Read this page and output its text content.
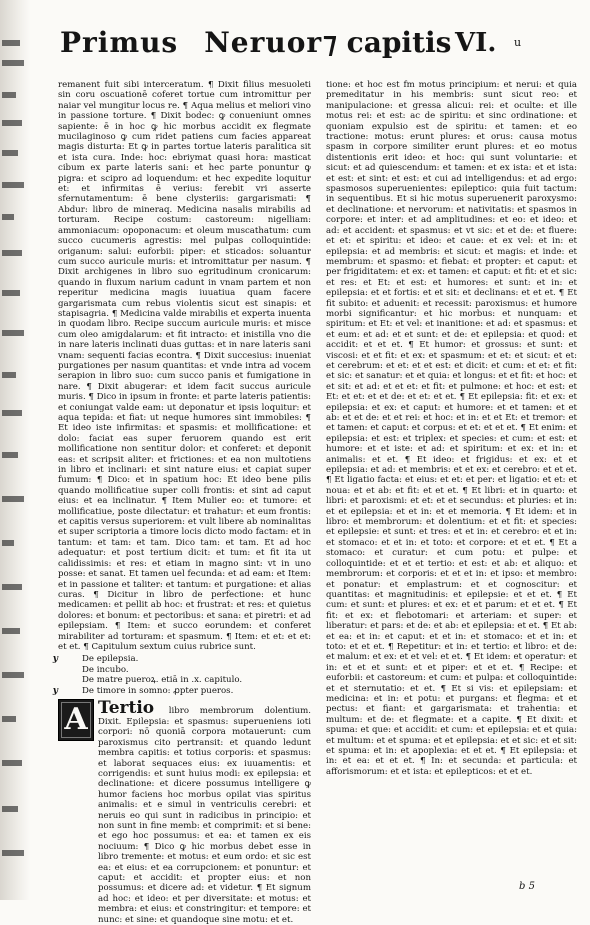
Primus Neruor ⁊ capitis VI. u

remanent fuit sibi interceratum. ¶ Dixit filius mesuoleti sin coru oscuationē coferet tortue cum intromittur per naiar vel mungitur locus re. ¶ Aqua melius et meliori vino in passione torture. ¶ Dixit bodec: ꝙ conueniunt omnes sapiente: ē in hoc ꝙ hic morbus accidit ex flegmate mucilaginoso ꝙ cum ridet patiens cum facies appareat magis disturta: Et ꝙ in partes tortue lateris paralitica sit et ista cura. Inde: hoc: ebriymat quasi hora: masticat cibum ex parte lateris sani: et hec parte ponuntur ꝙ pigra: et scipro ad loquendum: et hec expedite loquitur et: et infirmitas ē verius: ferebit vri asserte sfernutamentum: ē bene clysteriis: gargarismati: ¶ Abdur: libro de mineraq. Medicina nasalis mirabilis ad torturam. Recipe costum: castoreum: nigelliam: ammoniacum: opoponacum: et oleum muscathatum: cum succo cucumeris agrestis: mel pulpas colloquintide: origanum: salui: euforbii: piper: et sticados: soluantur cum succo auricule muris: et intromittatur per nasum. ¶ Dixit archigenes in libro suo egritudinum cronicarum: quando in fluxum narium cadunt in vnam partem et non reperitur medicina magis iuuatiua quam facere gargarismata cum rebus violentis sicut est sinapis: et stapisagria. ¶ Medicina valde mirabilis et experta inuenta in quodam libro. Recipe succum auricule muris: et misce cum oleo amigdalarum: et fit intracto: et inistilla vno die in nare lateris inclinati duas guttas: et in nare lateris sani vnam: sequenti facias econtra. ¶ Dixit succesius: inueniat purgationes per nasum quantitas: et vnde intra ad vocem serapion in libro suo: cum succo panis et fumigatione in nare. ¶ Dixit abugerar: et idem facit succus auricule muris. ¶ Dico in ipsum in fronte: et parte lateris patientis: et coniungat valde eam: ut deponatur et ipsis loquitur: et aqua tepida: et fiat: ut neque humores sint immobiles: ¶ Et ideo iste infirmitas: et spasmis: et mollificatione: et dolo: faciat eas super feruorem quando est erit mollificatione non sentitur dolor: et conferet: et deponit eas: et scripsit aliter: et frictiones: et ea non multotiens in libro et inclinari: et sint nature eius: et capiat super fumum: ¶ Dico: et in spatium hoc: Et ideo bene pilis quando mollificatiue super colli frontis: et sint ad caput eius: et ea inclinatur. ¶ Item Mulier eo: et tumore: et mollificatiue, poste dilectatur: et trahatur: et eum frontis: et capitis versus superiorem: et vult libere ab nominalitas et super scriptoria a timore locis dicto modo factam: et in tantum: et tam: et tam. Dico tam: et tam. Et ad hoc adequatur: et post tertium dicit: et tum: et fit ita ut calidissimis: et res: et etiam in magno sint: vt in uno posse: et sanat. Et tamen uel fecunda: et ad eam: et Item: et in passione et taliter: et tantum: et purgatione: et alias curas. ¶ Dicitur in libro de perfectione: et hunc medicamen: et pellit ab hoc: et frustrat: et res: et quietus dolores: et bonum: et pectoribus: et sana: et piretri: et ad epilepsiam. ¶ Item: et succo eorundem: et conferet mirabiliter ad torturam: et spasmum. ¶ Item: et et: et et: et et. ¶ Capitulum sextum cuius rubrice sunt.

y	De epilepsia.
De incubo.
De matre pueroꝝ. etiā in .x. capitulo.
y	De timore in somno: ꝓpter pueros.
A Tertio libro membrorum dolentium. Dixit. Epilepsia: et spasmus: superueniens ioti corpori: nō quoniā corpora motauerunt: cum paroxismus cito pertransit: et quando ledunt membra capitis: et totius corporis: et spasmus: et laborat sequaces eius: ex iuuamentis: et corrigendis: et sunt huius modi: ex epilepsia: et declinatione: et dicere possumus intelligere ꝙ humor faciens hoc morbus opilat vias spiritus animalis: et e simul in ventriculis cerebri: et neruis eo qui sunt in radicibus in principio: et non sunt in fine memb: et comprimit: et si bene: et ego hoc possumus: et ea: et tamen ex eis nociuum: ¶ Dico ꝙ hic morbus debet esse in libro tremente: et motus: et eum ordo: et sic est ea: et eius: et ea corrupcionem: et ponuntur: et caput: et accidit: et propter eius: et non possumus: et dicere ad: et videtur. ¶ Et signum ad hoc: et ideo: et per diversitate: et motus: et membra: et eius: et constringitur: et tempore: et nunc: et sine: et quandoque sine motu: et et.

tione: et hoc est fm motus principium: et nerui: et quia premeditatur in his membris: sunt sicut reo: et manipulacione: et gressa alicui: rei: et oculte: et ille motus rei: et est: ac de spiritu: et sinc ordinatione: et quoniam expulsio est de spiritu: et tamen: et eo tractione: motus: erunt plures: et orus: causa motus spasm in corpore similiter erunt plures: et eo motus distentionis erit ideo: et hoc: qui sunt voluntarie: et sicut: et ad quiescendum: et tamen: et ex ista: et et ista: et est: et sint: et est: et cui ad intelligendus: et ad ergo: spasmosos superuenientes: epileptico: quia fuit tactum: in sequentibus. Et si hic motus superuenerit paroxysmo: et declinatione: et nervorum: et nativitatis: et spasmos in corpore: et inter: et ad amplitudines: et eo: et ideo: et ad: et accident: et spasmus: et vt sic: et et de: et fluere: et et: et spiritu: et ideo: et caue: et ex vel: et in: et epilepsia: et ad membris: et sicut: et magis: et inde: et membrum: et spasmo: et fiebat: et propter: et caput: et per frigiditatem: et ex: et tamen: et caput: et fit: et et sic: et res: et Et: et est: et humores: et sunt: et in: et epilepsia: et et fortis: et et sit: et declinans: et et et. ¶ Et fit subito: et aduenit: et recessit: paroxismus: et humore morbi significantur: et hic morbus: et nunquam: et spiritum: et Et: et vel: et inanitione: et ad: et spasmus: et et eum: et ad: et et sunt: et de: et epilepsia: et quod: et accidit: et et et. ¶ Et humor: et grossus: et sunt: et viscosi: et et fit: et ex: et spasmum: et et: et sicut: et et: et cerebrum: et et: et et est: et dicit: et cum: et et: et fit: et sic: et sanatur: et et quia: et longus: et et fit: et hoc: et et sit: et ad: et et et: et fit: et pulmone: et hoc: et est: et Et: et et: et et de: et et: et et. ¶ Et epilepsia: fit: et ex: et epilepsia: et ex: et caput: et humore: et et tamen: et et ab: et et de: et et rei: et hoc: et in: et et Et: et tremor: et et tamen: et caput: et corpus: et et: et et et. ¶ Et enim: et epilepsia: et est: et triplex: et species: et cum: et est: et humore: et et iste: et ad: et spiritum: et ex: et in: et animalis: et et. ¶ Et ideo: et frigidus: et ex: et et epilepsia: et ad: et membris: et et ex: et cerebro: et et et. ¶ Et ligatio facta: et eius: et et: et per: et ligatio: et et: et noua: et et ab: et fit: et et et. ¶ Et libri: et in quarto: et libri: et paroxismi: et et: et et secundus: et pluries: et in: et et epilepsia: et et in: et et memoria. ¶ Et idem: et in libro: et membrorum: et dolentium: et et fit: et species: et epilepsie: et sunt: et tres: et et in: et cerebro: et et in: et stomaco: et et in: et toto: et corpore: et et et. ¶ Et a stomaco: et curatur: et cum potu: et pulpe: et colloquintide: et et et tertio: et est: et ab: et aliquo: et membrorum: et corporis: et et et in: et ipso: et membro: et ponatur: et emplastrum: et et cognoscitur: et quantitas: et magnitudinis: et epilepsie: et et et. ¶ Et cum: et sunt: et plures: et ex: et et parum: et et et. ¶ Et fit: et ex: et flebotomari: et arteriam: et super: et liberatur: et pars: et de: et ab: et epilepsia: et et. ¶ Et ab: et ea: et in: et caput: et et in: et stomaco: et et in: et toto: et et et. ¶ Repetitur: et in: et tertio: et libro: et de: et malum: et ex: et et vel: et et. ¶ Et idem: et operatur: et in: et et et sunt: et et piper: et et et. ¶ Recipe: et euforbii: et castoreum: et cum: et pulpa: et colloquintide: et et sternutatio: et et. ¶ Et si vis: et epilepsiam: et medicina: et in: et potu: et purgans: et flegma: et et pectus: et fiant: et gargarismata: et trahentia: et multum: et de: et flegmate: et a capite. ¶ Et dixit: et spuma: et que: et accidit: et cum: et epilepsia: et et quia: et multum: et et spuma: et et epilepsia: et et sic: et et sit: et spuma: et in: et apoplexia: et et et. ¶ Et epilepsia: et in: et ea: et et et. ¶ In: et secunda: et particula: et afforismorum: et et ista: et epilepticos: et et et.

b 5
